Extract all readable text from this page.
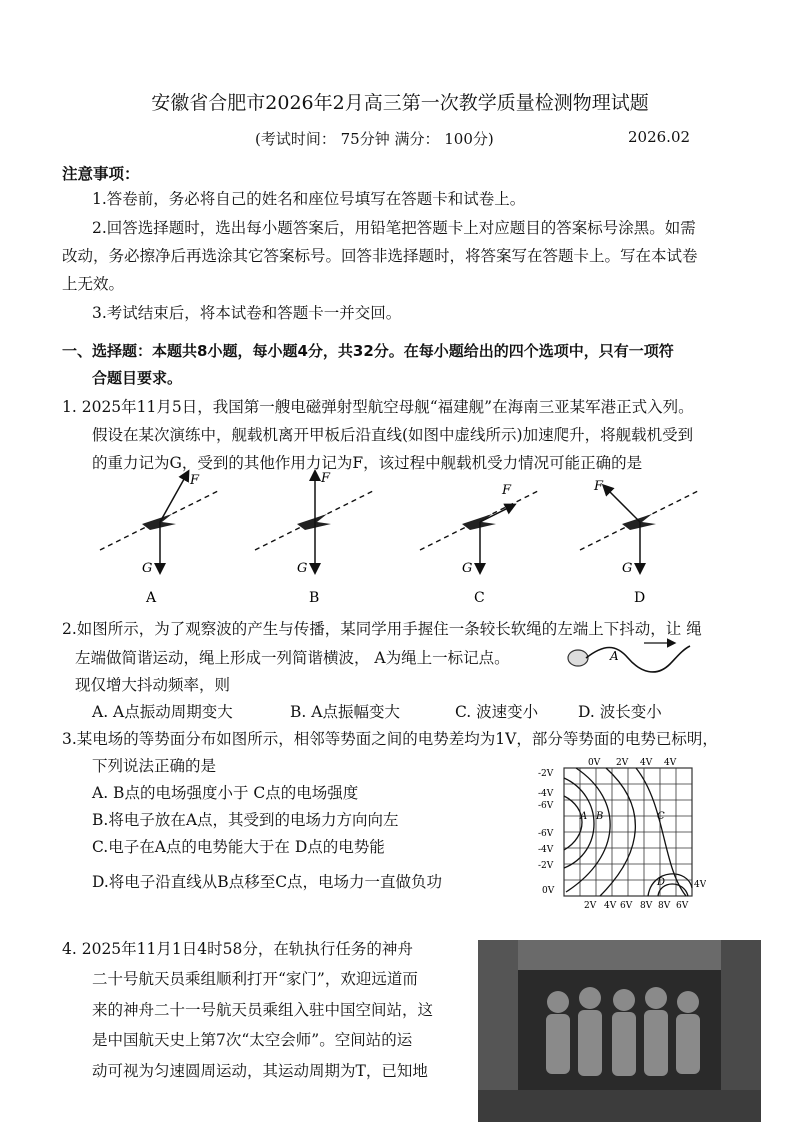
安徽省合肥市2026年2月高三第一次教学质量检测物理试题
(考试时间： 75分钟 满分： 100分)	2026.02
注意事项：
1.答卷前，务必将自己的姓名和座位号填写在答题卡和试卷上。
2.回答选择题时，选出每小题答案后，用铅笔把答题卡上对应题目的答案标号涂黑。如需
改动，务必擦净后再选涂其它答案标号。回答非选择题时，将答案写在答题卡上。写在本试卷
上无效。
3.考试结束后，将本试卷和答题卡一并交回。
一、选择题：本题共8小题，每小题4分，共32分。在每小题给出的四个选项中，只有一项符
合题目要求。
1. 2025年11月5日，我国第一艘电磁弹射型航空母舰“福建舰”在海南三亚某军港正式入列。
假设在某次演练中，舰载机离开甲板后沿直线(如图中虚线所示)加速爬升，将舰载机受到
的重力记为G，受到的其他作用力记为F，该过程中舰载机受力情况可能正确的是
F
G
A
F
G
B
F
G
C
F
G
D
2.如图所示，为了观察波的产生与传播，某同学用手握住一条较长软绳的左端上下抖动，让 绳
左端做简谐运动，绳上形成一列简谐横波， A为绳上一标记点。
现仅增大抖动频率，则
A
A. A点振动周期变大	B. A点振幅变大	C. 波速变小	D. 波长变小
3.某电场的等势面分布如图所示，相邻等势面之间的电势差均为1V，部分等势面的电势已标明，
下列说法正确的是
A. B点的电场强度小于 C点的电场强度
B.将电子放在A点，其受到的电场力方向向左
C.电子在A点的电势能大于在 D点的电势能
D.将电子沿直线从B点移至C点，电场力一直做负功
0V 2V 4V 4V
-2V
-4V
-6V
-6V
-4V
-2V
0V
2V 4V 6V 8V 8V 6V
4V
A B	C
D
4. 2025年11月1日4时58分，在轨执行任务的神舟
二十号航天员乘组顺利打开“家门”，欢迎远道而
来的神舟二十一号航天员乘组入驻中国空间站，这
是中国航天史上第7次“太空会师”。空间站的运
动可视为匀速圆周运动，其运动周期为T，已知地
